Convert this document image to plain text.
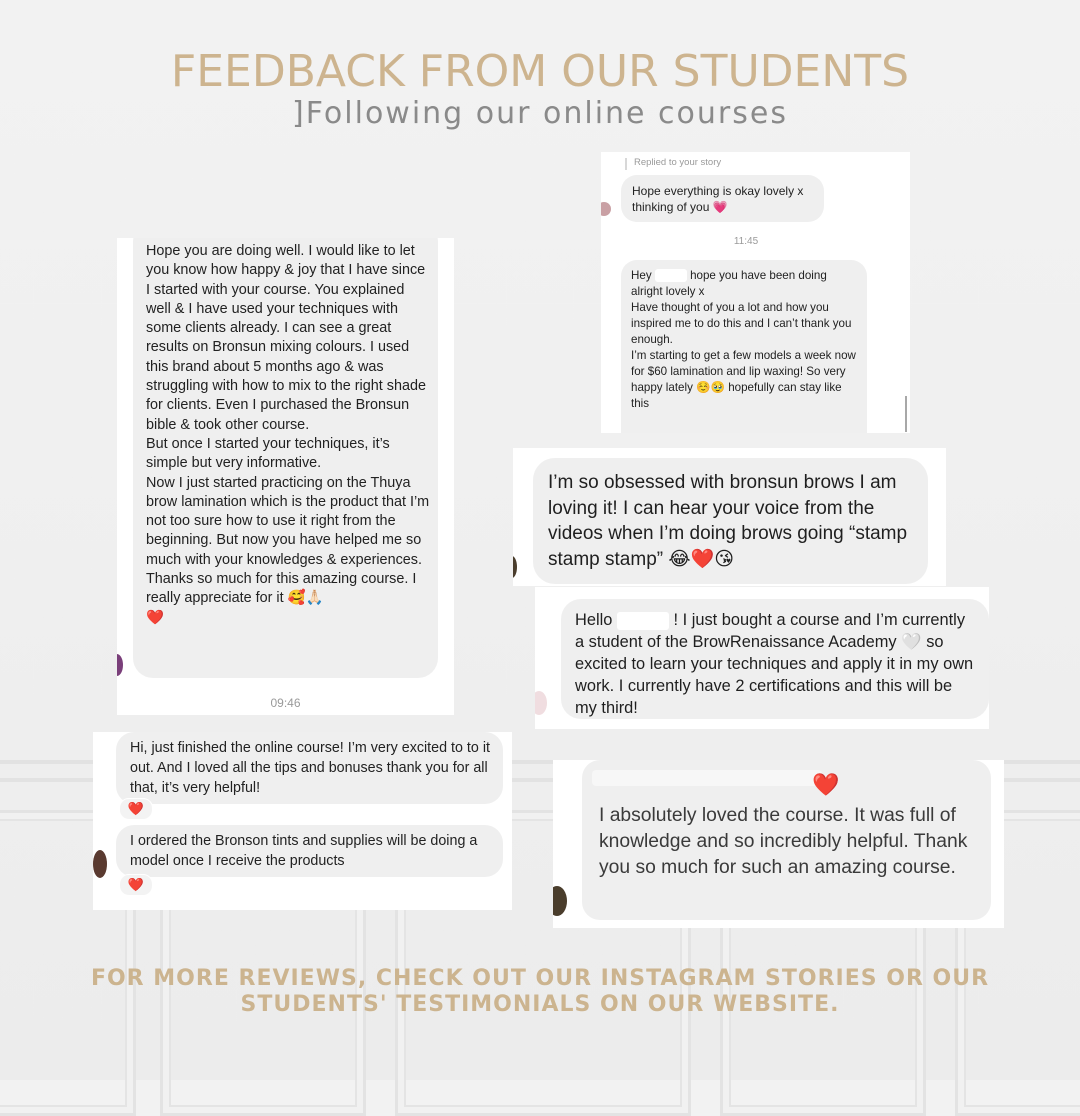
FEEDBACK FROM OUR STUDENTS
]Following our online courses

Hope you are doing well. I would like to let you know how happy & joy that I have since I started with your course. You explained well & I have used your techniques with some clients already. I can see a great results on Bronsun mixing colours. I used this brand about 5 months ago & was struggling with how to mix to the right shade for clients. Even I purchased the Bronsun bible & took other course.

But once I started your techniques, it’s simple but very informative.

Now I just started practicing on the Thuya brow lamination which is the product that I’m not too sure how to use it right from the beginning. But now you have helped me so much with your knowledges & experiences.

Thanks so much for this amazing course. I really appreciate for it 🥰🙏🏻

❤️

09:46
Replied to your story
Hope everything is okay lovely x thinking of you 💗
11:45

Hey	hope you have been doing alright lovely x

Have thought of you a lot and how you inspired me to do this and I can’t thank you enough.

I’m starting to get a few models a week now for $60 lamination and lip waxing! So very happy lately ☺️🥹 hopefully can stay like this

I’m so obsessed with bronsun brows I am loving it! I can hear your voice from the videos when I’m doing brows going “stamp stamp stamp” 😂❤️😘
Hello	! I just bought a course and I’m currently a student of the BrowRenaissance Academy 🤍 so excited to learn your techniques and apply it in my own work. I currently have 2 certifications and this will be my third!
Hi, just finished the online course! I’m very excited to to it out. And I loved all the tips and bonuses thank you for all that, it’s very helpful!
❤️
I ordered the Bronson tints and supplies will be doing a model once I receive the products
❤️
❤️
I absolutely loved the course. It was full of knowledge and so incredibly helpful. Thank you so much for such an amazing course.
FOR MORE REVIEWS, CHECK OUT OUR INSTAGRAM STORIES OR OUR STUDENTS' TESTIMONIALS ON OUR WEBSITE.
